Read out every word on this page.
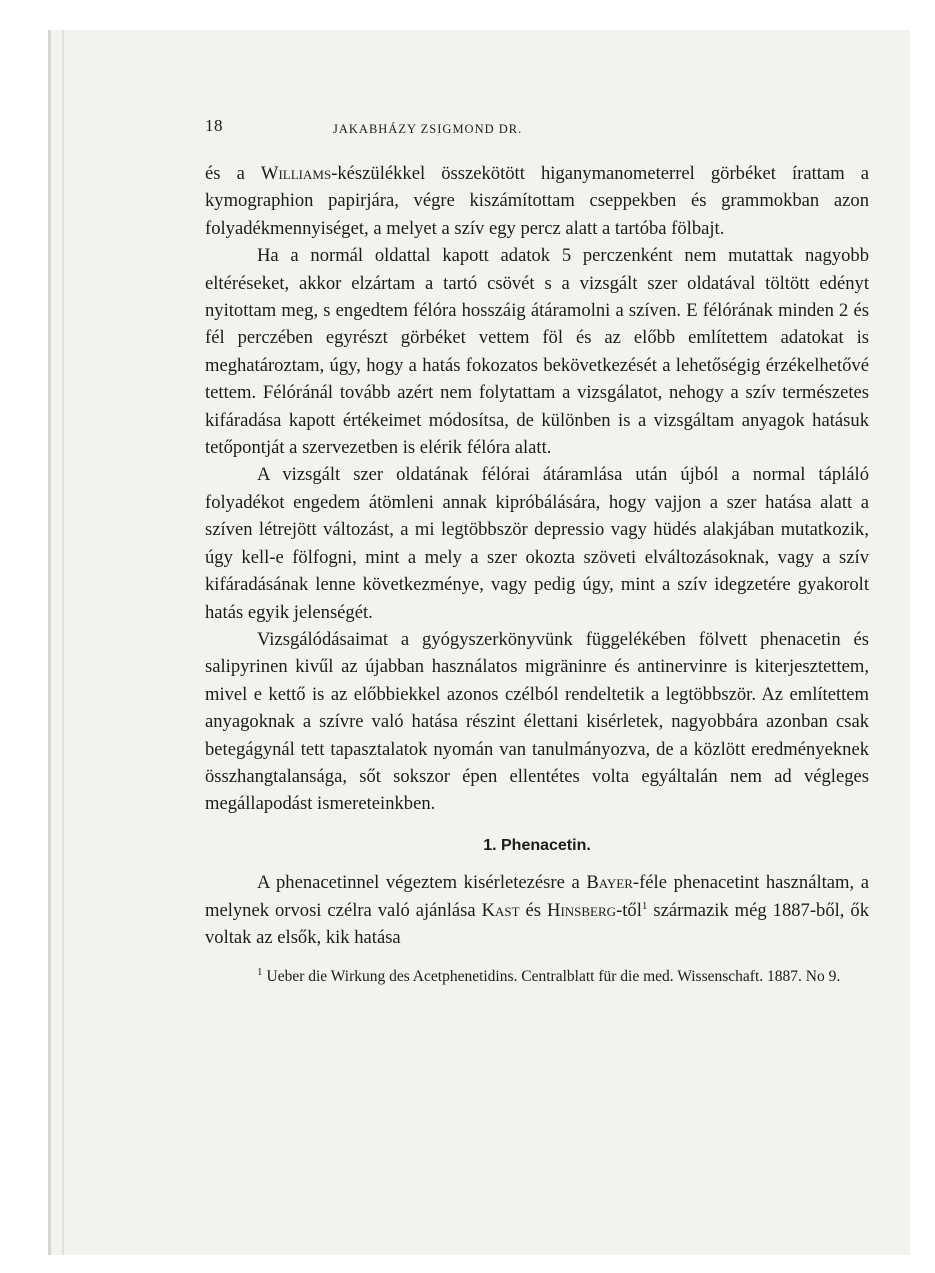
18	JAKABHÁZY ZSIGMOND DR.

és a Williams-készülékkel összekötött higanymanometerrel görbéket írattam a kymographion papirjára, végre kiszámítottam cseppekben és grammokban azon folyadékmennyiséget, a melyet a szív egy percz alatt a tartóba fölbajt.

Ha a normál oldattal kapott adatok 5 perczenként nem mutattak nagyobb eltéréseket, akkor elzártam a tartó csövét s a vizsgált szer oldatával töltött edényt nyitottam meg, s engedtem félóra hosszáig átáramolni a szíven. E félórának minden 2 és fél perczében egyrészt görbéket vettem föl és az előbb említettem adatokat is meghatároztam, úgy, hogy a hatás fokozatos bekövetkezését a lehetőségig érzékelhetővé tettem. Félóránál tovább azért nem folytattam a vizsgálatot, nehogy a szív természetes kifáradása kapott értékeimet módosítsa, de különben is a vizsgáltam anyagok hatásuk tetőpontját a szervezetben is elérik félóra alatt.

A vizsgált szer oldatának félórai átáramlása után újból a normal tápláló folyadékot engedem átömleni annak kipróbálására, hogy vajjon a szer hatása alatt a szíven létrejött változást, a mi legtöbbször depressio vagy hüdés alakjában mutatkozik, úgy kell-e fölfogni, mint a mely a szer okozta szöveti elváltozásoknak, vagy a szív kifáradásának lenne következménye, vagy pedig úgy, mint a szív idegzetére gyakorolt hatás egyik jelenségét.

Vizsgálódásaimat a gyógyszerkönyvünk függelékében fölvett phenacetin és salipyrinen kivűl az újabban használatos migräninre és antinervinre is kiterjesztettem, mivel e kettő is az előbbiekkel azonos czélból rendeltetik a legtöbbször. Az említettem anyagoknak a szívre való hatása részint élettani kisérletek, nagyobbára azonban csak betegágynál tett tapasztalatok nyomán van tanulmányozva, de a közlött eredményeknek összhangtalansága, sőt sokszor épen ellentétes volta egyáltalán nem ad végleges megállapodást ismereteinkben.

1. Phenacetin.

A phenacetinnel végeztem kisérletezésre a Bayer-féle phenacetint használtam, a melynek orvosi czélra való ajánlása Kast és Hinsberg-től$^1$ származik még 1887-ből, ők voltak az elsők, kik hatása

$^1$ Ueber die Wirkung des Acetphenetidins. Centralblatt für die med. Wissenschaft. 1887. No 9.
